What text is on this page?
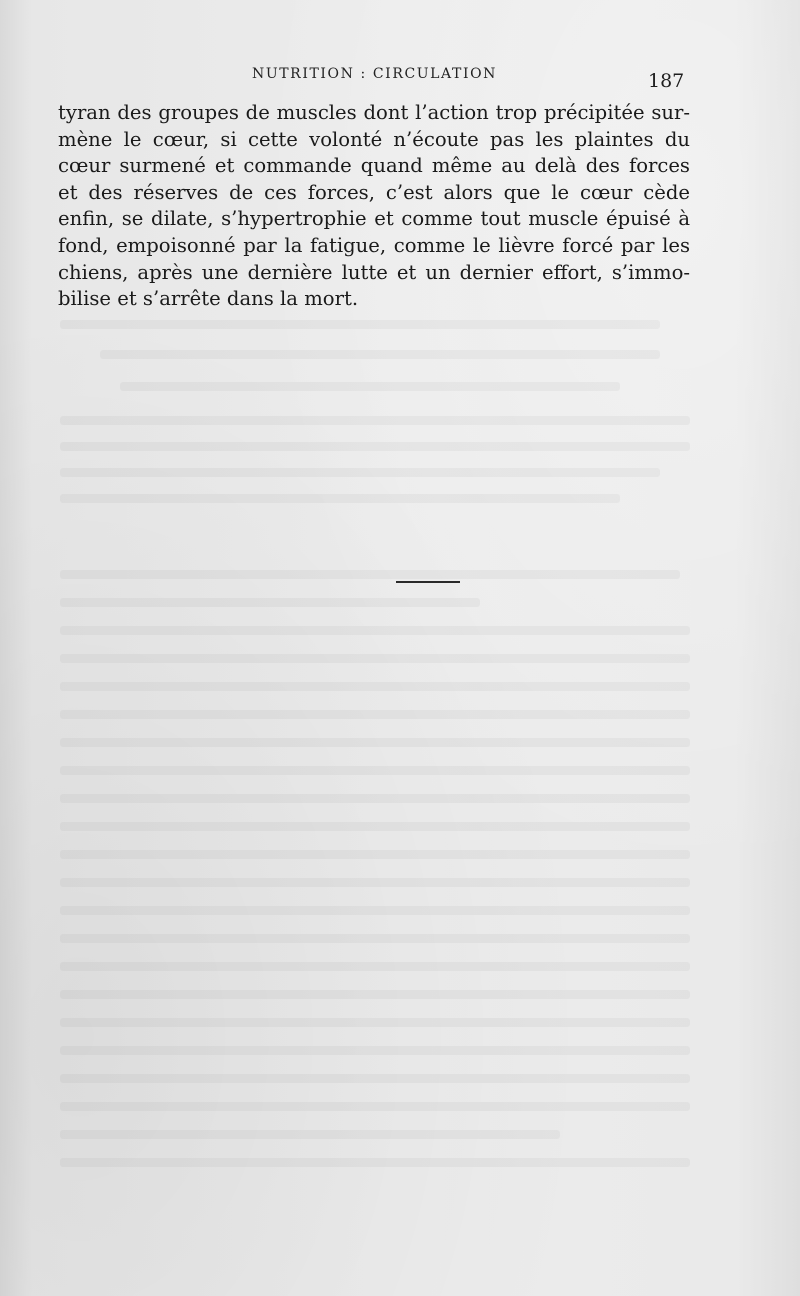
NUTRITION : CIRCULATION	187

tyran des groupes de muscles dont l’action trop précipitée sur-
mène le cœur, si cette volonté n’écoute pas les plaintes du
cœur surmené et commande quand même au delà des forces
et des réserves de ces forces, c’est alors que le cœur cède
enfin, se dilate, s’hypertrophie et comme tout muscle épuisé à
fond, empoisonné par la fatigue, comme le lièvre forcé par les
chiens, après une dernière lutte et un dernier effort, s’immo-
bilise et s’arrête dans la mort.
